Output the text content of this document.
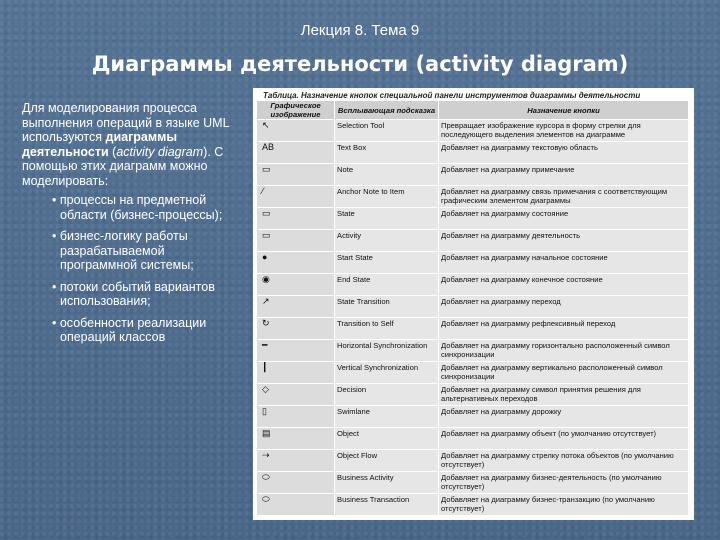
Лекция 8. Тема 9
Диаграммы деятельности (activity diagram)

Для моделирования процесса выполнения операций в языке UML используются диаграммы деятельности (activity diagram). С помощью этих диаграмм можно моделировать:

• процессы на предметной области (бизнес-процессы);
• бизнес-логику работы разрабатываемой программной системы;
• потоки событий вариантов использования;
• особенности реализации операций классов
Таблица. Назначение кнопок специальной панели инструментов диаграммы деятельности
Графическое изображение	Всплывающая подсказка	Назначение кнопки
↖	Selection Tool	Превращает изображение курсора в форму стрелки для последующего выделения элементов на диаграмме
AB	Text Box	Добавляет на диаграмму текстовую область
▭	Note	Добавляет на диаграмму примечание
⁄	Anchor Note to Item	Добавляет на диаграмму связь примечания с соответствующим графическим элементом диаграммы
▭	State	Добавляет на диаграмму состояние
▭	Activity	Добавляет на диаграмму деятельность
●	Start State	Добавляет на диаграмму начальное состояние
◉	End State	Добавляет на диаграмму конечное состояние
↗	State Transition	Добавляет на диаграмму переход
↻	Transition to Self	Добавляет на диаграмму рефлексивный переход
━	Horizontal Synchronization	Добавляет на диаграмму горизонтально расположенный символ синхронизации
┃	Vertical Synchronization	Добавляет на диаграмму вертикально расположенный символ синхронизации
◇	Decision	Добавляет на диаграмму символ принятия решения для альтернативных переходов
▯	Swimlane	Добавляет на диаграмму дорожку
▤	Object	Добавляет на диаграмму объект (по умолчанию отсутствует)
⇢	Object Flow	Добавляет на диаграмму стрелку потока объектов (по умолчанию отсутствует)
⬭	Business Activity	Добавляет на диаграмму бизнес-деятельность (по умолчанию отсутствует)
⬭	Business Transaction	Добавляет на диаграмму бизнес-транзакцию (по умолчанию отсутствует)
